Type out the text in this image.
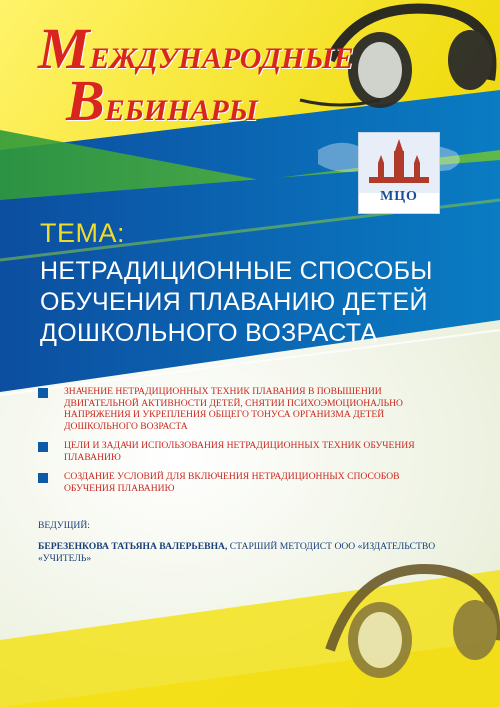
МЕЖДУНАРОДНЫЕ
ВЕБИНАРЫ
МЦО
ТЕМА:
НЕТРАДИЦИОННЫЕ СПОСОБЫ ОБУЧЕНИЯ ПЛАВАНИЮ ДЕТЕЙ ДОШКОЛЬНОГО ВОЗРАСТА
ЗНАЧЕНИЕ НЕТРАДИЦИОННЫХ ТЕХНИК ПЛАВАНИЯ В ПОВЫШЕНИИ ДВИГАТЕЛЬНОЙ АКТИВНОСТИ ДЕТЕЙ, СНЯТИИ ПСИХОЭМОЦИОНАЛЬНО НАПРЯЖЕНИЯ И УКРЕПЛЕНИЯ ОБЩЕГО ТОНУСА ОРГАНИЗМА ДЕТЕЙ ДОШКОЛЬНОГО ВОЗРАСТА
ЦЕЛИ И ЗАДАЧИ ИСПОЛЬЗОВАНИЯ НЕТРАДИЦИОННЫХ ТЕХНИК ОБУЧЕНИЯ ПЛАВАНИЮ
СОЗДАНИЕ УСЛОВИЙ ДЛЯ ВКЛЮЧЕНИЯ НЕТРАДИЦИОННЫХ СПОСОБОВ ОБУЧЕНИЯ ПЛАВАНИЮ
ВЕДУЩИЙ:
БЕРЕЗЕНКОВА ТАТЬЯНА ВАЛЕРЬЕВНА, СТАРШИЙ МЕТОДИСТ ООО «ИЗДАТЕЛЬСТВО «УЧИТЕЛЬ»
